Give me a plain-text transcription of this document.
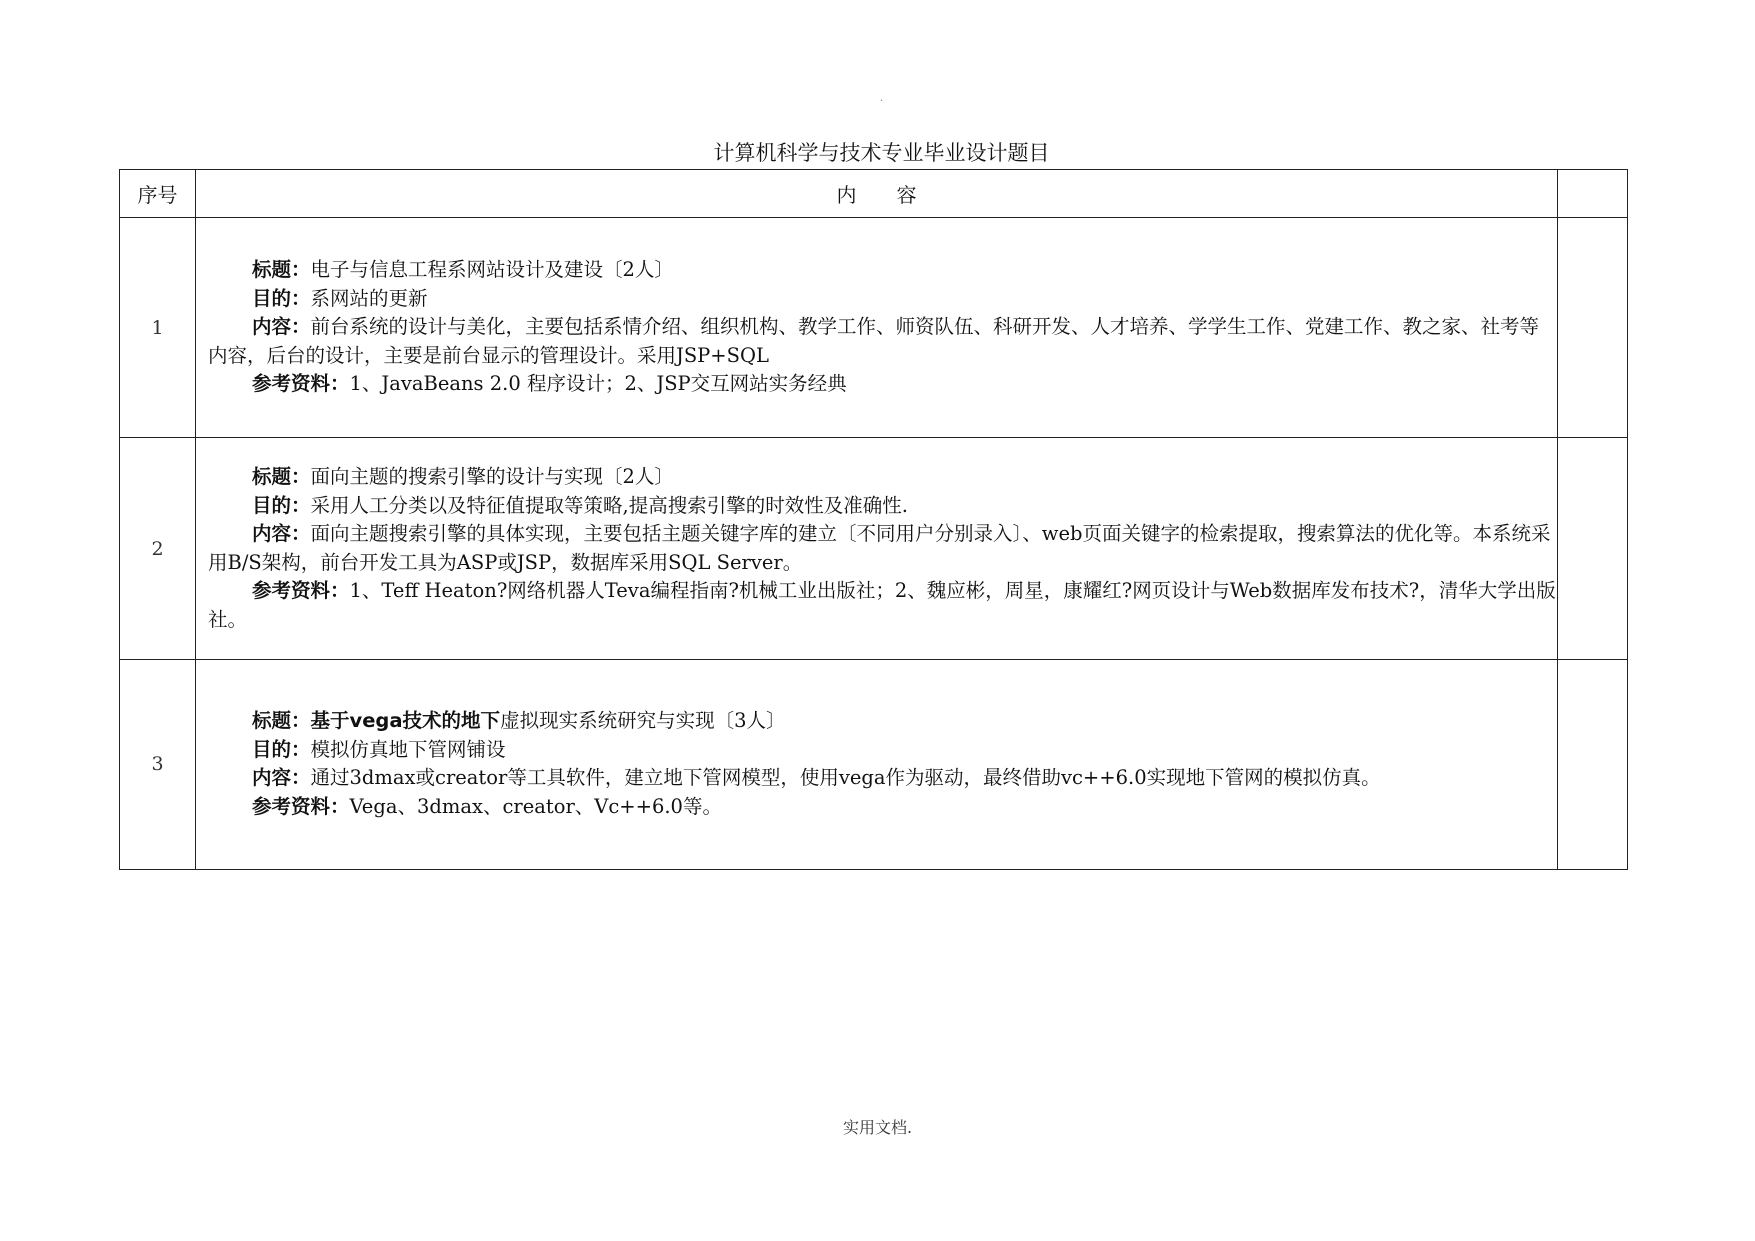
.
计算机科学与技术专业毕业设计题目
序号	内　　容	
1	标题：电子与信息工程系网站设计及建设〔2人〕

目的：系网站的更新

内容：前台系统的设计与美化，主要包括系情介绍、组织机构、教学工作、师资队伍、科研开发、人才培养、学学生工作、党建工作、教之家、社考等内容，后台的设计，主要是前台显示的管理设计。采用JSP+SQL

参考资料：1、JavaBeans 2.0 程序设计；2、JSP交互网站实务经典	

2	标题：面向主题的搜索引擎的设计与实现〔2人〕

目的：采用人工分类以及特征值提取等策略,提高搜索引擎的时效性及准确性.

内容：面向主题搜索引擎的具体实现，主要包括主题关键字库的建立〔不同用户分别录入〕、web页面关键字的检索提取，搜索算法的优化等。本系统采用B/S架构，前台开发工具为ASP或JSP，数据库采用SQL Server。

参考资料：1、Teff Heaton?网络机器人Teva编程指南?机械工业出版社；2、魏应彬，周星，康耀红?网页设计与Web数据库发布技术?，清华大学出版社。	

3	标题：基于vega技术的地下虚拟现实系统研究与实现〔3人〕

目的：模拟仿真地下管网铺设

内容：通过3dmax或creator等工具软件，建立地下管网模型，使用vega作为驱动，最终借助vc++6.0实现地下管网的模拟仿真。

参考资料：Vega、3dmax、creator、Vc++6.0等。	

实用文档.
